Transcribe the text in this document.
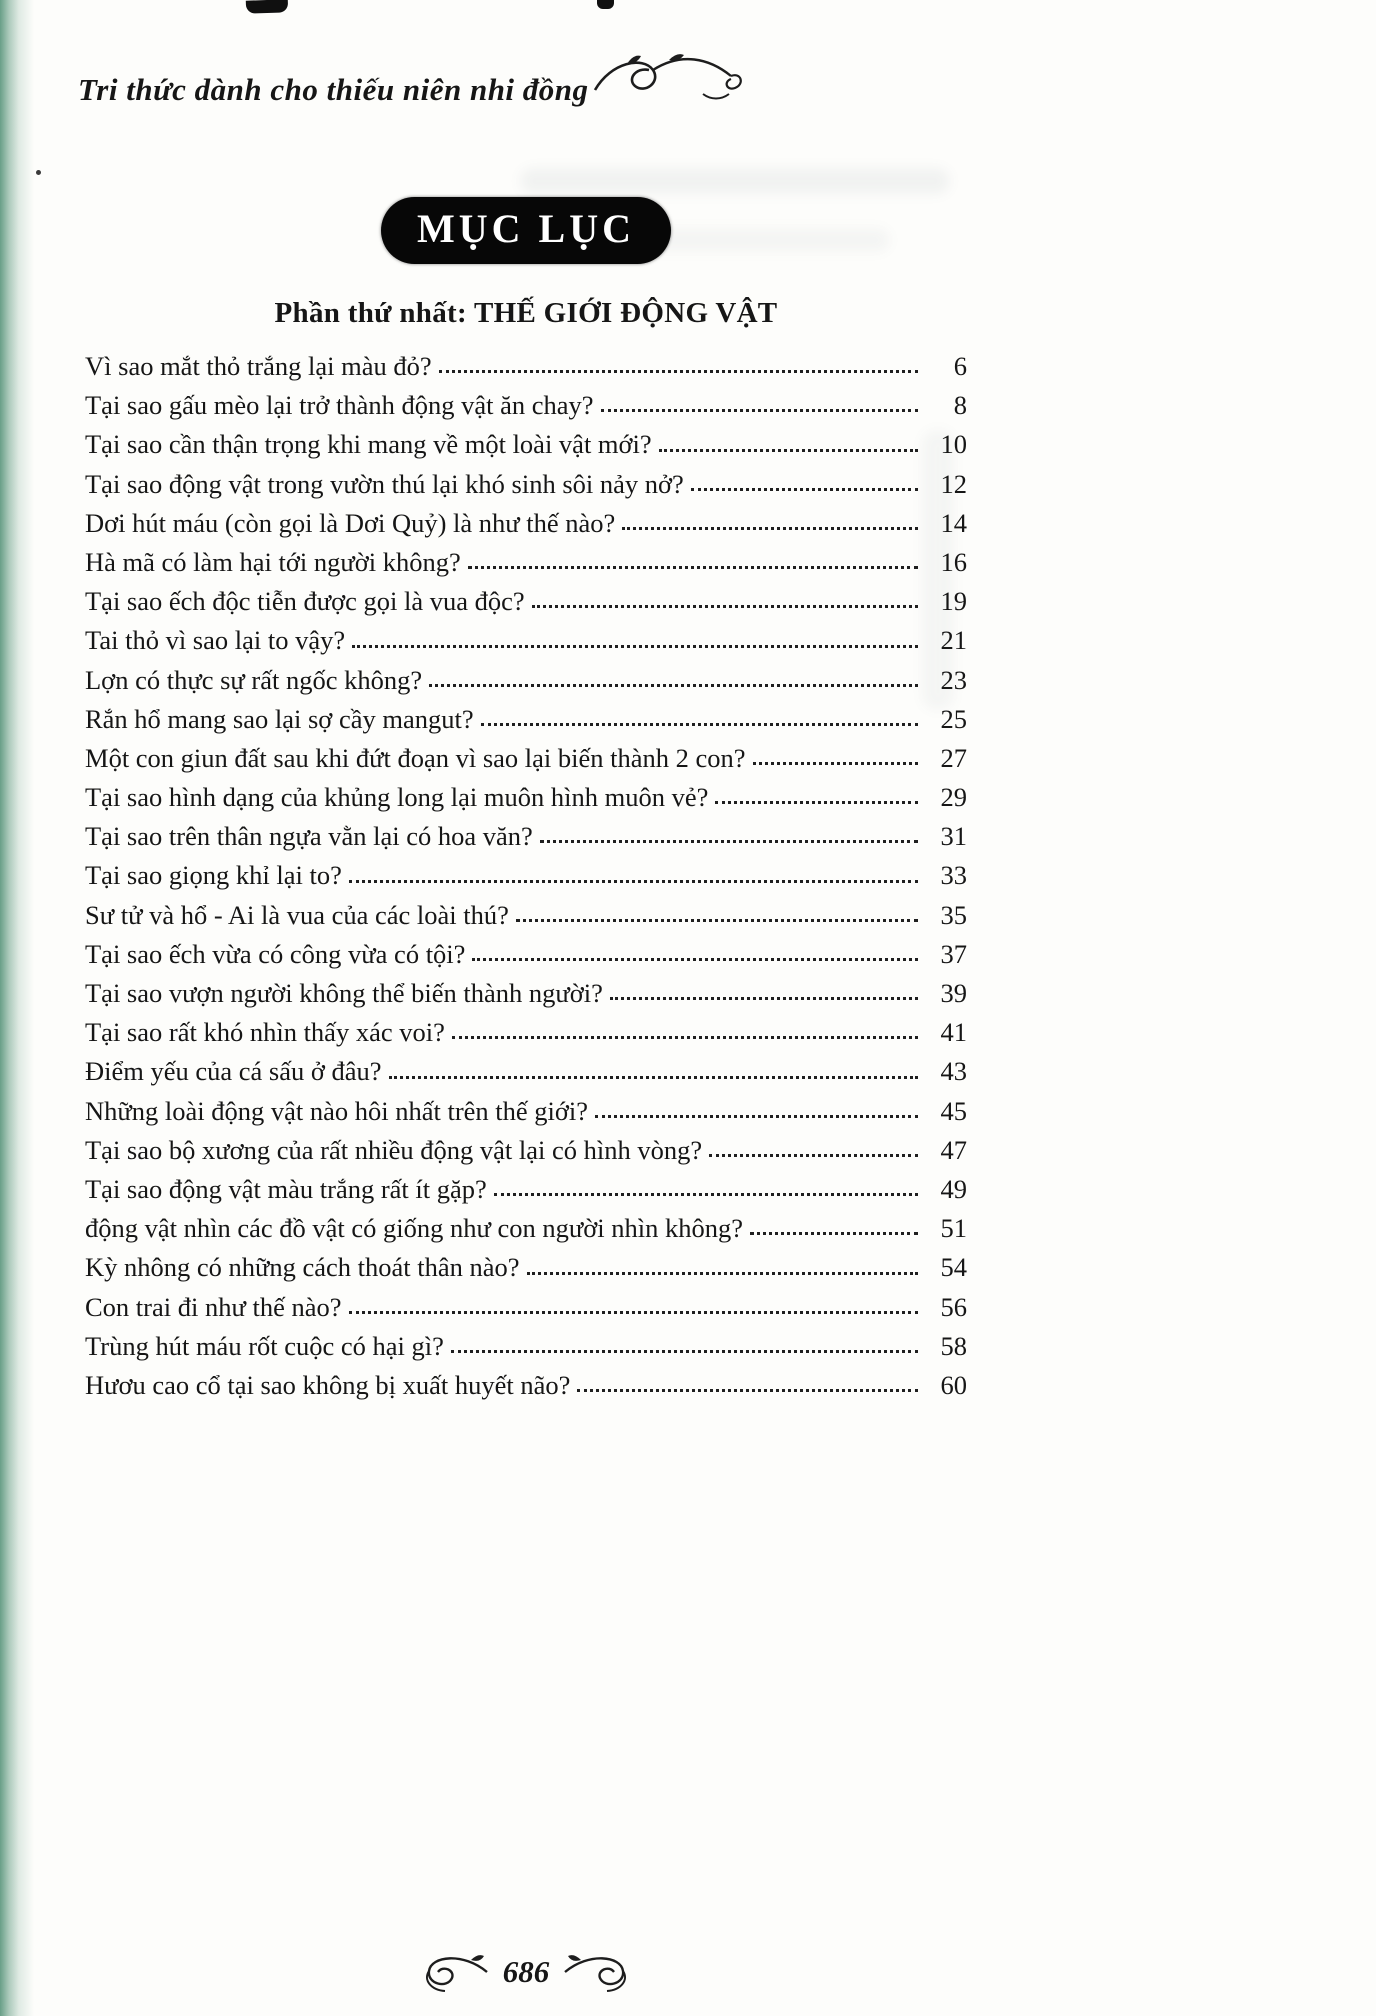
Tri thức dành cho thiếu niên nhi đồng
MỤC LỤC
Phần thứ nhất: THẾ GIỚI ĐỘNG VẬT
Vì sao mắt thỏ trắng lại màu đỏ?	6
Tại sao gấu mèo lại trở thành động vật ăn chay?	8
Tại sao cần thận trọng khi mang về một loài vật mới?	10
Tại sao động vật trong vườn thú lại khó sinh sôi nảy nở?	12
Dơi hút máu (còn gọi là Dơi Quỷ) là như thế nào?	14
Hà mã có làm hại tới người không?	16
Tại sao ếch độc tiễn được gọi là vua độc?	19
Tai thỏ vì sao lại to vậy?	21
Lợn có thực sự rất ngốc không?	23
Rắn hổ mang sao lại sợ cầy mangut?	25
Một con giun đất sau khi đứt đoạn vì sao lại biến thành 2 con?	27
Tại sao hình dạng của khủng long lại muôn hình muôn vẻ?	29
Tại sao trên thân ngựa vằn lại có hoa văn?	31
Tại sao giọng khỉ lại to?	33
Sư tử và hổ - Ai là vua của các loài thú?	35
Tại sao ếch vừa có công vừa có tội?	37
Tại sao vượn người không thể biến thành người?	39
Tại sao rất khó nhìn thấy xác voi?	41
Điểm yếu của cá sấu ở đâu?	43
Những loài động vật nào hôi nhất trên thế giới?	45
Tại sao bộ xương của rất nhiều động vật lại có hình vòng?	47
Tại sao động vật màu trắng rất ít gặp?	49
động vật nhìn các đồ vật có giống như con người nhìn không?	51
Kỳ nhông có những cách thoát thân nào?	54
Con trai đi như thế nào?	56
Trùng hút máu rốt cuộc có hại gì?	58
Hươu cao cổ tại sao không bị xuất huyết não?	60
686
